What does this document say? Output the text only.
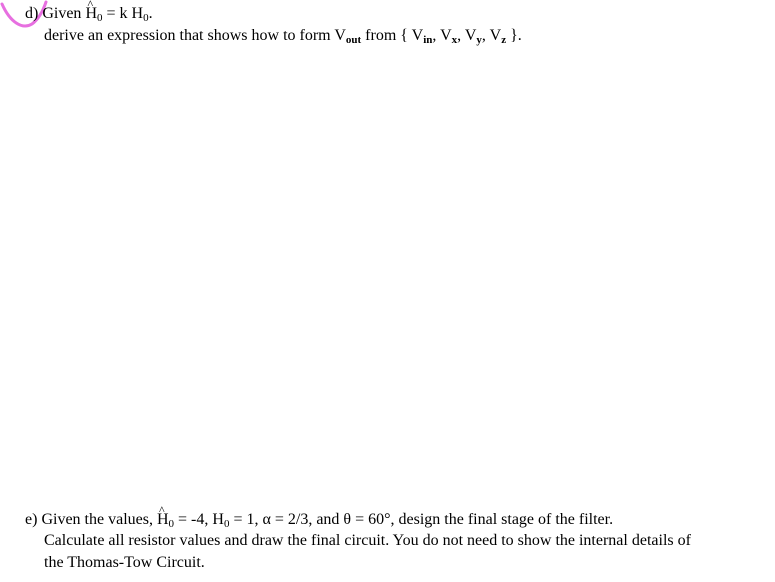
d) Given ^ $H_0 = k$ $H_0$.
derive an expression that shows how to form $V_{out}$ from { $V_{in}$, $V_x$, $V_y$, $V_z$ }.
e) Given the values, ^ $H_0 = -4$, $H_0 = 1$, α = 2/3, and θ = 60°, design the final stage of the filter.
Calculate all resistor values and draw the final circuit. You do not need to show the internal details of
the Thomas-Tow Circuit.
